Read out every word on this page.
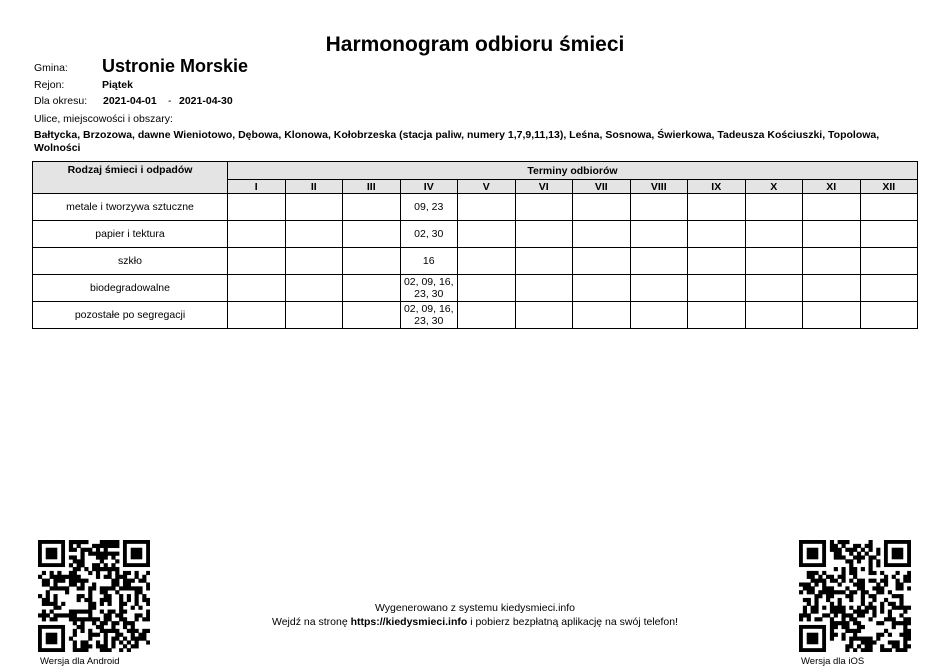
Harmonogram odbioru śmieci
Gmina: Ustronie Morskie
Rejon:	Piątek
Dla okresu: 2021-04-01 - 2021-04-30
Ulice, miejscowości i obszary:
Bałtycka, Brzozowa, dawne Wieniotowo, Dębowa, Klonowa, Kołobrzeska (stacja paliw, numery 1,7,9,11,13), Leśna, Sosnowa, Świerkowa, Tadeusza Kościuszki, Topolowa, Wolności
Rodzaj śmieci i odpadów	Terminy odbiorów											
	I	II	III	IV	V	VI	VII	VIII	IX	X	XI	XII
metale i tworzywa sztuczne				09, 23								
papier i tektura				02, 30								
szkło				16								
biodegradowalne				02, 09, 16, 23, 30								
pozostałe po segregacji				02, 09, 16, 23, 30								
Wersja dla Android	Wersja dla iOS
Wygenerowano z systemu kiedysmieci.info
Wejdź na stronę https://kiedysmieci.info i pobierz bezpłatną aplikację na swój telefon!
